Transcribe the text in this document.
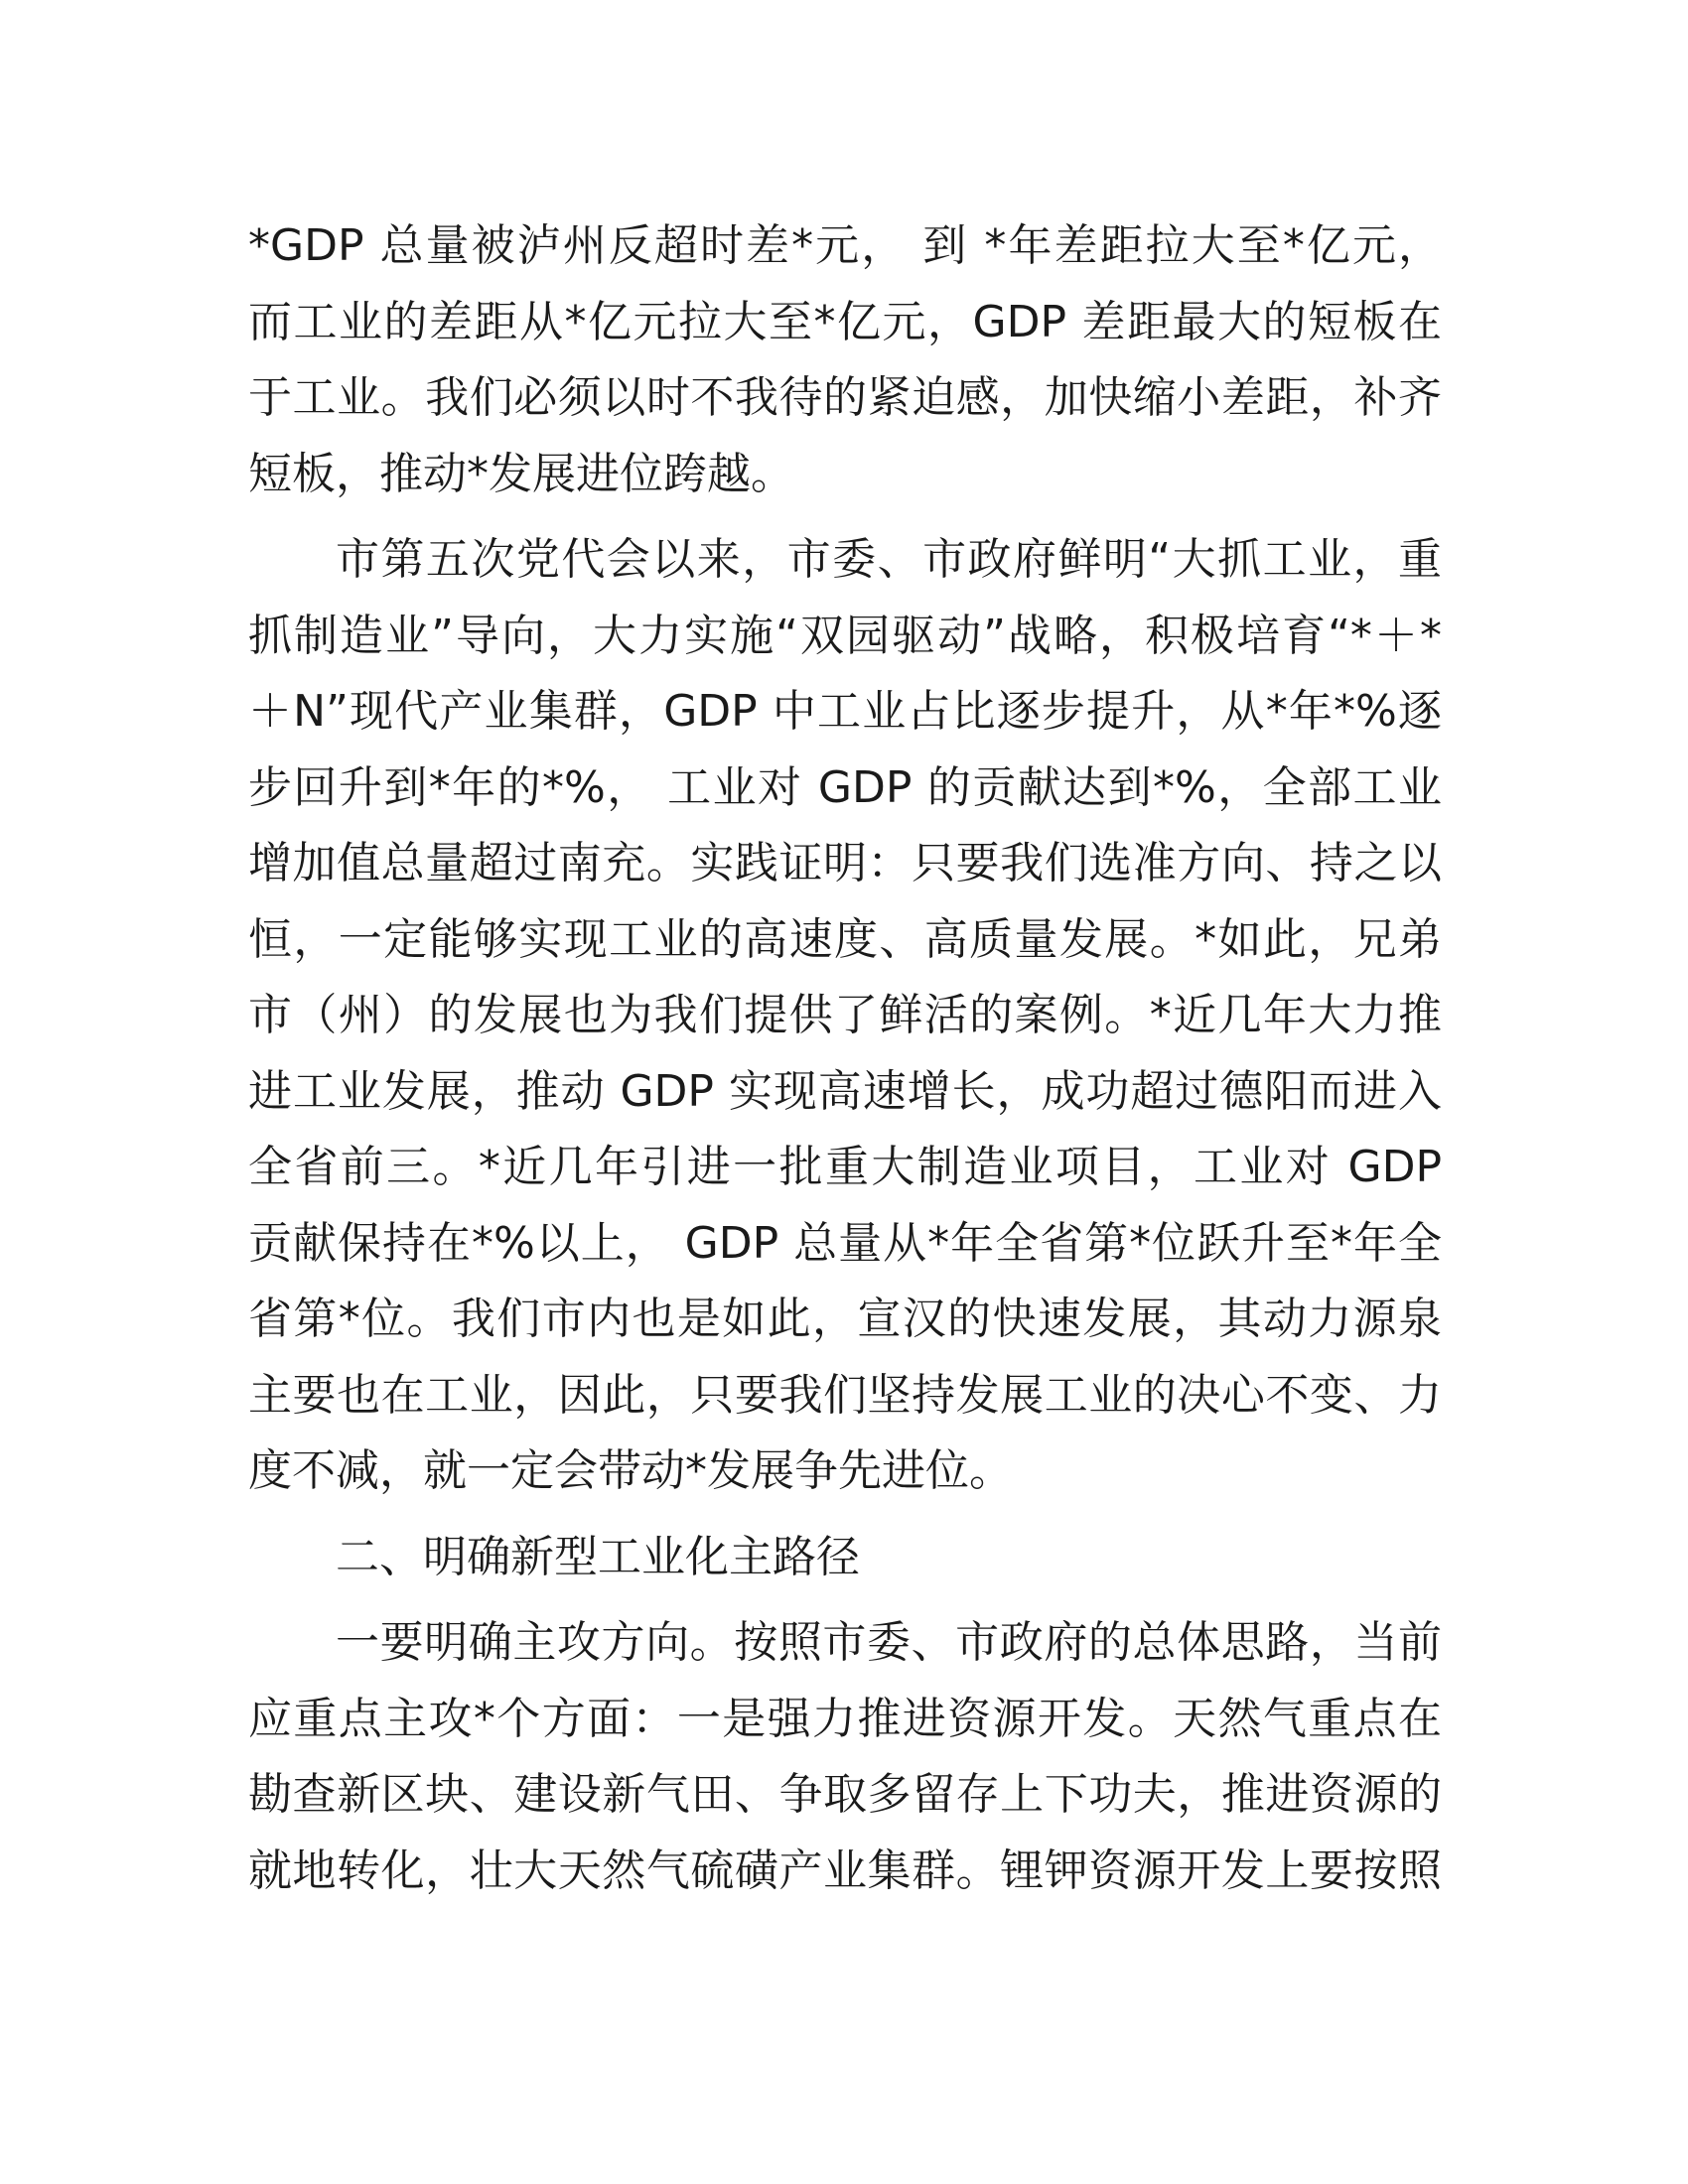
*GDP 总量被泸州反超时差*元， 到 *年差距拉大至*亿元，
而工业的差距从*亿元拉大至*亿元，GDP 差距最大的短板在
于工业。我们必须以时不我待的紧迫感，加快缩小差距，补齐
短板，推动*发展进位跨越。
市第五次党代会以来，市委、市政府鲜明“大抓工业，重
抓制造业”导向，大力实施“双园驱动”战略，积极培育“*＋*
＋N”现代产业集群，GDP 中工业占比逐步提升，从*年*%逐
步回升到*年的*%， 工业对 GDP 的贡献达到*%，全部工业
增加值总量超过南充。实践证明：只要我们选准方向、持之以
恒，一定能够实现工业的高速度、高质量发展。*如此，兄弟
市（州）的发展也为我们提供了鲜活的案例。*近几年大力推
进工业发展，推动 GDP 实现高速增长，成功超过德阳而进入
全省前三。*近几年引进一批重大制造业项目，工业对 GDP
贡献保持在*%以上， GDP 总量从*年全省第*位跃升至*年全
省第*位。我们市内也是如此，宣汉的快速发展，其动力源泉
主要也在工业，因此，只要我们坚持发展工业的决心不变、力
度不减，就一定会带动*发展争先进位。
二、明确新型工业化主路径
一要明确主攻方向。按照市委、市政府的总体思路，当前
应重点主攻*个方面：一是强力推进资源开发。天然气重点在
勘查新区块、建设新气田、争取多留存上下功夫，推进资源的
就地转化，壮大天然气硫磺产业集群。锂钾资源开发上要按照
